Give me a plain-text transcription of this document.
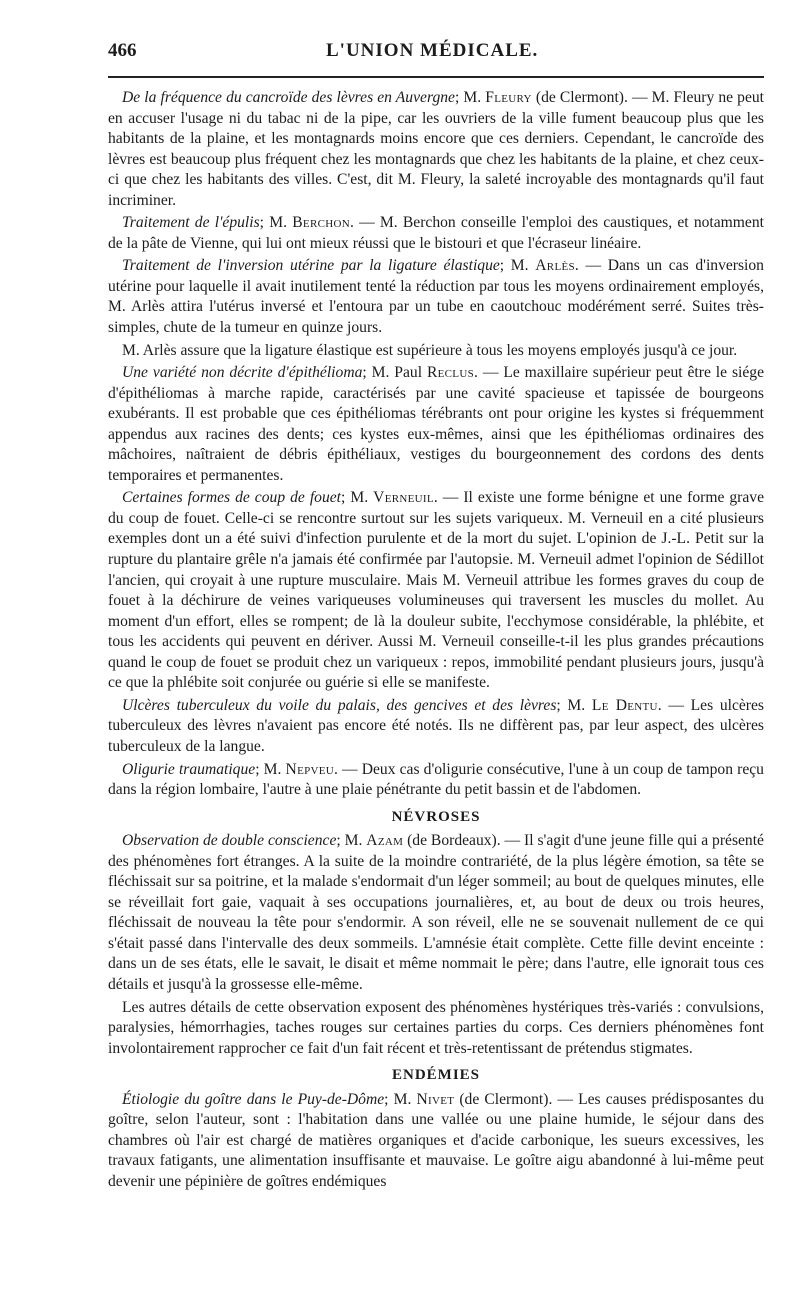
466	L'UNION MÉDICALE.

De la fréquence du cancroïde des lèvres en Auvergne; M. Fleury (de Clermont). — M. Fleury ne peut en accuser l'usage ni du tabac ni de la pipe, car les ouvriers de la ville fument beaucoup plus que les habitants de la plaine, et les montagnards moins encore que ces derniers. Cependant, le cancroïde des lèvres est beaucoup plus fréquent chez les montagnards que chez les habitants de la plaine, et chez ceux-ci que chez les habitants des villes. C'est, dit M. Fleury, la saleté incroyable des montagnards qu'il faut incriminer.

Traitement de l'épulis; M. Berchon. — M. Berchon conseille l'emploi des caustiques, et notamment de la pâte de Vienne, qui lui ont mieux réussi que le bistouri et que l'écraseur linéaire.

Traitement de l'inversion utérine par la ligature élastique; M. Arlès. — Dans un cas d'inversion utérine pour laquelle il avait inutilement tenté la réduction par tous les moyens ordinairement employés, M. Arlès attira l'utérus inversé et l'entoura par un tube en caoutchouc modérément serré. Suites très-simples, chute de la tumeur en quinze jours.

M. Arlès assure que la ligature élastique est supérieure à tous les moyens employés jusqu'à ce jour.

Une variété non décrite d'épithélioma; M. Paul Reclus. — Le maxillaire supérieur peut être le siége d'épithéliomas à marche rapide, caractérisés par une cavité spacieuse et tapissée de bourgeons exubérants. Il est probable que ces épithéliomas térébrants ont pour origine les kystes si fréquemment appendus aux racines des dents; ces kystes eux-mêmes, ainsi que les épithéliomas ordinaires des mâchoires, naîtraient de débris épithéliaux, vestiges du bourgeonnement des cordons des dents temporaires et permanentes.

Certaines formes de coup de fouet; M. Verneuil. — Il existe une forme bénigne et une forme grave du coup de fouet. Celle-ci se rencontre surtout sur les sujets variqueux. M. Verneuil en a cité plusieurs exemples dont un a été suivi d'infection purulente et de la mort du sujet. L'opinion de J.-L. Petit sur la rupture du plantaire grêle n'a jamais été confirmée par l'autopsie. M. Verneuil admet l'opinion de Sédillot l'ancien, qui croyait à une rupture musculaire. Mais M. Verneuil attribue les formes graves du coup de fouet à la déchirure de veines variqueuses volumineuses qui traversent les muscles du mollet. Au moment d'un effort, elles se rompent; de là la douleur subite, l'ecchymose considérable, la phlébite, et tous les accidents qui peuvent en dériver. Aussi M. Verneuil conseille-t-il les plus grandes précautions quand le coup de fouet se produit chez un variqueux : repos, immobilité pendant plusieurs jours, jusqu'à ce que la phlébite soit conjurée ou guérie si elle se manifeste.

Ulcères tuberculeux du voile du palais, des gencives et des lèvres; M. Le Dentu. — Les ulcères tuberculeux des lèvres n'avaient pas encore été notés. Ils ne diffèrent pas, par leur aspect, des ulcères tuberculeux de la langue.

Oligurie traumatique; M. Nepveu. — Deux cas d'oligurie consécutive, l'une à un coup de tampon reçu dans la région lombaire, l'autre à une plaie pénétrante du petit bassin et de l'abdomen.

NÉVROSES

Observation de double conscience; M. Azam (de Bordeaux). — Il s'agit d'une jeune fille qui a présenté des phénomènes fort étranges. A la suite de la moindre contrariété, de la plus légère émotion, sa tête se fléchissait sur sa poitrine, et la malade s'endormait d'un léger sommeil; au bout de quelques minutes, elle se réveillait fort gaie, vaquait à ses occupations journalières, et, au bout de deux ou trois heures, fléchissait de nouveau la tête pour s'endormir. A son réveil, elle ne se souvenait nullement de ce qui s'était passé dans l'intervalle des deux sommeils. L'amnésie était complète. Cette fille devint enceinte : dans un de ses états, elle le savait, le disait et même nommait le père; dans l'autre, elle ignorait tous ces détails et jusqu'à la grossesse elle-même.

Les autres détails de cette observation exposent des phénomènes hystériques très-variés : convulsions, paralysies, hémorrhagies, taches rouges sur certaines parties du corps. Ces derniers phénomènes font involontairement rapprocher ce fait d'un fait récent et très-retentissant de prétendus stigmates.

ENDÉMIES

Étiologie du goître dans le Puy-de-Dôme; M. Nivet (de Clermont). — Les causes prédisposantes du goître, selon l'auteur, sont : l'habitation dans une vallée ou une plaine humide, le séjour dans des chambres où l'air est chargé de matières organiques et d'acide carbonique, les sueurs excessives, les travaux fatigants, une alimentation insuffisante et mauvaise. Le goître aigu abandonné à lui-même peut devenir une pépinière de goîtres endémiques
